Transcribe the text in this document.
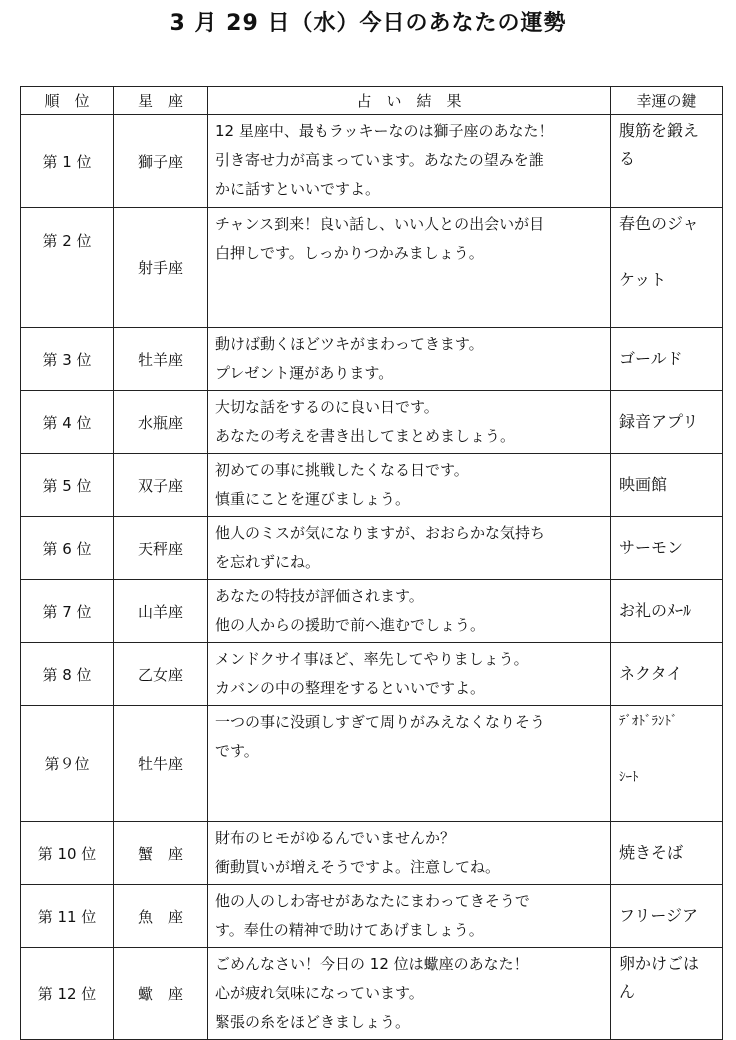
3 月 29 日（水）今日のあなたの運勢
順　位	星　座	占　い　結　果	幸運の鍵
第 1 位	獅子座	12 星座中、最もラッキーなのは獅子座のあなた！
引き寄せ力が高まっています。あなたの望みを誰
かに話すといいですよ。	腹筋を鍛え
る

第 2 位	射手座	チャンス到来！良い話し、いい人との出会いが目
白押しです。しっかりつかみましょう。	春色のジャ
ケット

第 3 位	牡羊座	動けば動くほどツキがまわってきます。
プレゼント運があります。	ゴールド

第 4 位	水瓶座	大切な話をするのに良い日です。
あなたの考えを書き出してまとめましょう。	録音アプリ

第 5 位	双子座	初めての事に挑戦したくなる日です。
慎重にことを運びましょう。	映画館

第 6 位	天秤座	他人のミスが気になりますが、おおらかな気持ち
を忘れずにね。	サーモン

第 7 位	山羊座	あなたの特技が評価されます。
他の人からの援助で前へ進むでしょう。	お礼のﾒｰﾙ

第 8 位	乙女座	メンドクサイ事ほど、率先してやりましょう。
カバンの中の整理をするといいですよ。	ネクタイ

第９位	牡牛座	一つの事に没頭しすぎて周りがみえなくなりそう
です。	ﾃﾞｵﾄﾞﾗﾝﾄﾞ
ｼｰﾄ

第 10 位	蟹　座	財布のヒモがゆるんでいませんか？
衝動買いが増えそうですよ。注意してね。	焼きそば

第 11 位	魚　座	他の人のしわ寄せがあなたにまわってきそうで
す。奉仕の精神で助けてあげましょう。	フリージア

第 12 位	蠍　座	ごめんなさい！今日の 12 位は蠍座のあなた！
心が疲れ気味になっています。
緊張の糸をほどきましょう。	卵かけごは
ん
